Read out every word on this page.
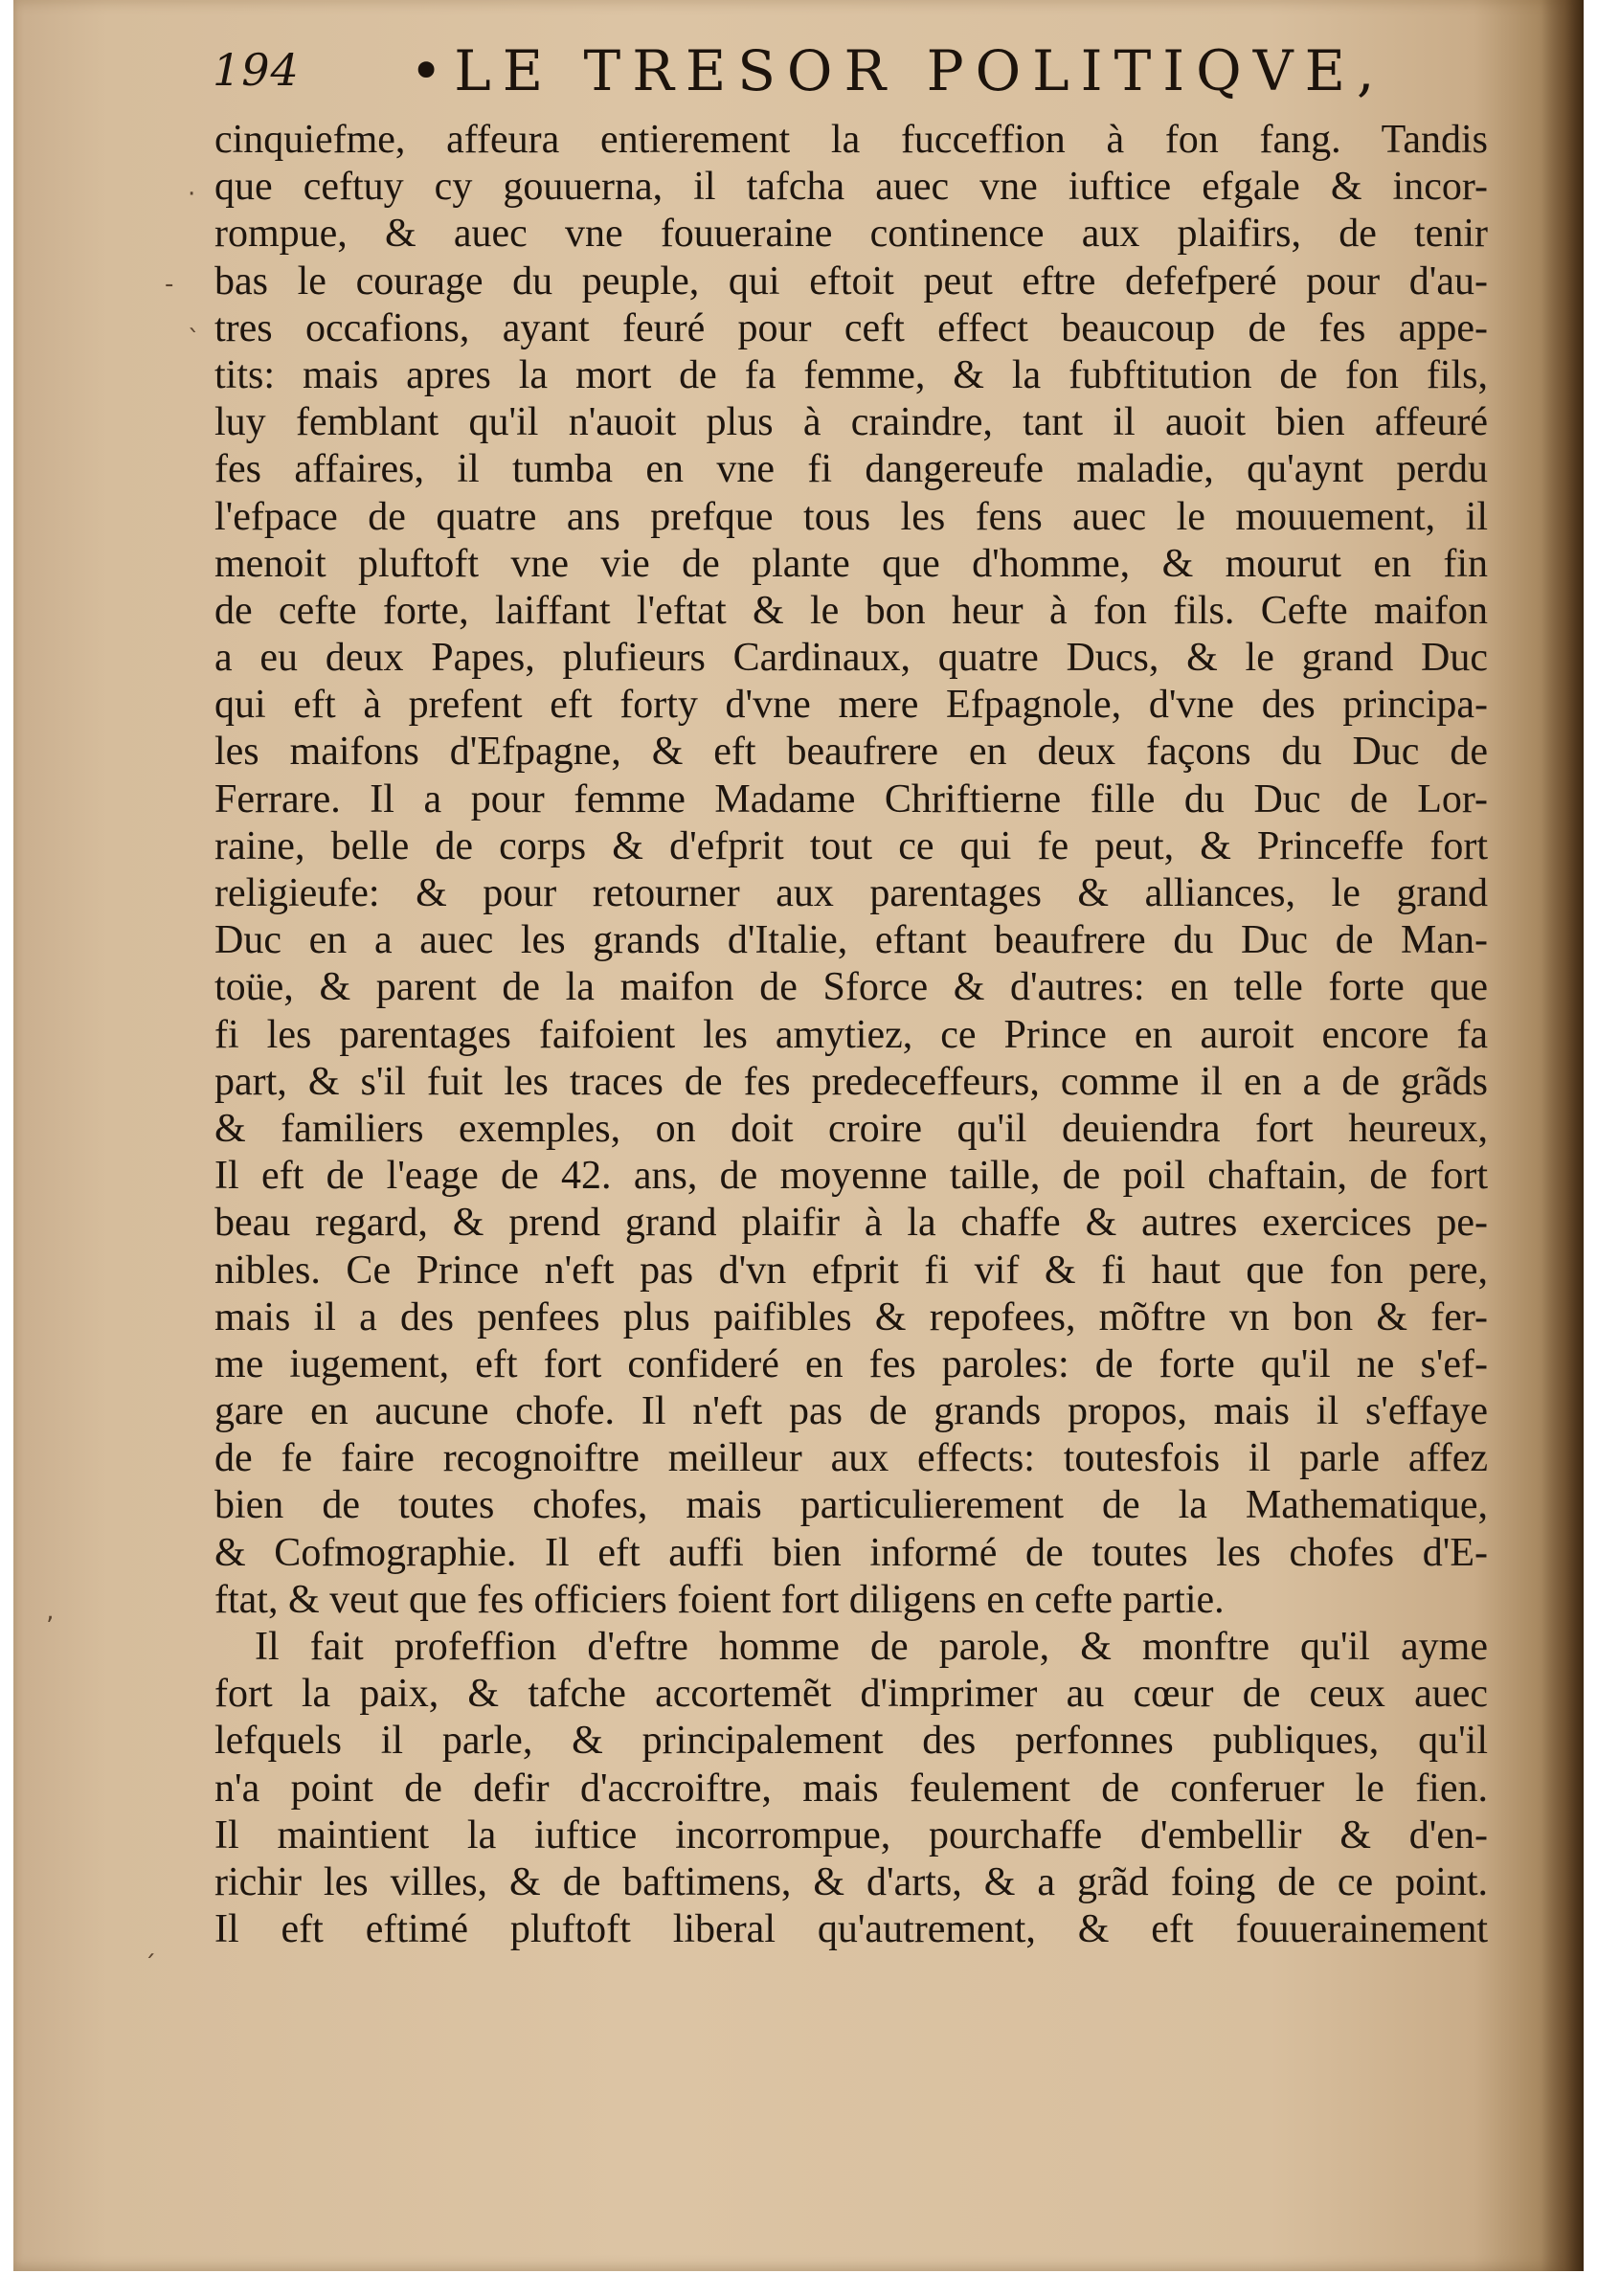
194 •LE TRESOR POLITIQVE,
·
-
ˋ
‚
ˊ
cinquiefme, affeura entierement la fucceffion à fon fang. Tandis
que ceftuy cy gouuerna, il tafcha auec vne iuftice efgale & incor-
rompue, & auec vne fouueraine continence aux plaifirs, de tenir
bas le courage du peuple, qui eftoit peut eftre defefperé pour d'au-
tres occafions, ayant feuré pour ceft effect beaucoup de fes appe-
tits: mais apres la mort de fa femme, & la fubftitution de fon fils,
luy femblant qu'il n'auoit plus à craindre, tant il auoit bien affeuré
fes affaires, il tumba en vne fi dangereufe maladie, qu'aynt perdu
l'efpace de quatre ans prefque tous les fens auec le mouuement, il
menoit pluftoft vne vie de plante que d'homme, & mourut en fin
de cefte forte, laiffant l'eftat & le bon heur à fon fils. Cefte maifon
a eu deux Papes, plufieurs Cardinaux, quatre Ducs, & le grand Duc
qui eft à prefent eft forty d'vne mere Efpagnole, d'vne des principa-
les maifons d'Efpagne, & eft beaufrere en deux façons du Duc de
Ferrare. Il a pour femme Madame Chriftierne fille du Duc de Lor-
raine, belle de corps & d'efprit tout ce qui fe peut, & Princeffe fort
religieufe: & pour retourner aux parentages & alliances, le grand
Duc en a auec les grands d'Italie, eftant beaufrere du Duc de Man-
toüe, & parent de la maifon de Sforce & d'autres: en telle forte que
fi les parentages faifoient les amytiez, ce Prince en auroit encore fa
part, & s'il fuit les traces de fes predeceffeurs, comme il en a de grãds
& familiers exemples, on doit croire qu'il deuiendra fort heureux,
Il eft de l'eage de 42. ans, de moyenne taille, de poil chaftain, de fort
beau regard, & prend grand plaifir à la chaffe & autres exercices pe-
nibles. Ce Prince n'eft pas d'vn efprit fi vif & fi haut que fon pere,
mais il a des penfees plus paifibles & repofees, mõftre vn bon & fer-
me iugement, eft fort confideré en fes paroles: de forte qu'il ne s'ef-
gare en aucune chofe. Il n'eft pas de grands propos, mais il s'effaye
de fe faire recognoiftre meilleur aux effects: toutesfois il parle affez
bien de toutes chofes, mais particulierement de la Mathematique,
& Cofmographie. Il eft auffi bien informé de toutes les chofes d'E-
ftat, & veut que fes officiers foient fort diligens en cefte partie.
Il fait profeffion d'eftre homme de parole, & monftre qu'il ayme
fort la paix, & tafche accortemẽt d'imprimer au cœur de ceux auec
lefquels il parle, & principalement des perfonnes publiques, qu'il
n'a point de defir d'accroiftre, mais feulement de conferuer le fien.
Il maintient la iuftice incorrompue, pourchaffe d'embellir & d'en-
richir les villes, & de baftimens, & d'arts, & a grãd foing de ce point.
Il eft eftimé pluftoft liberal qu'autrement, & eft fouuerainement
